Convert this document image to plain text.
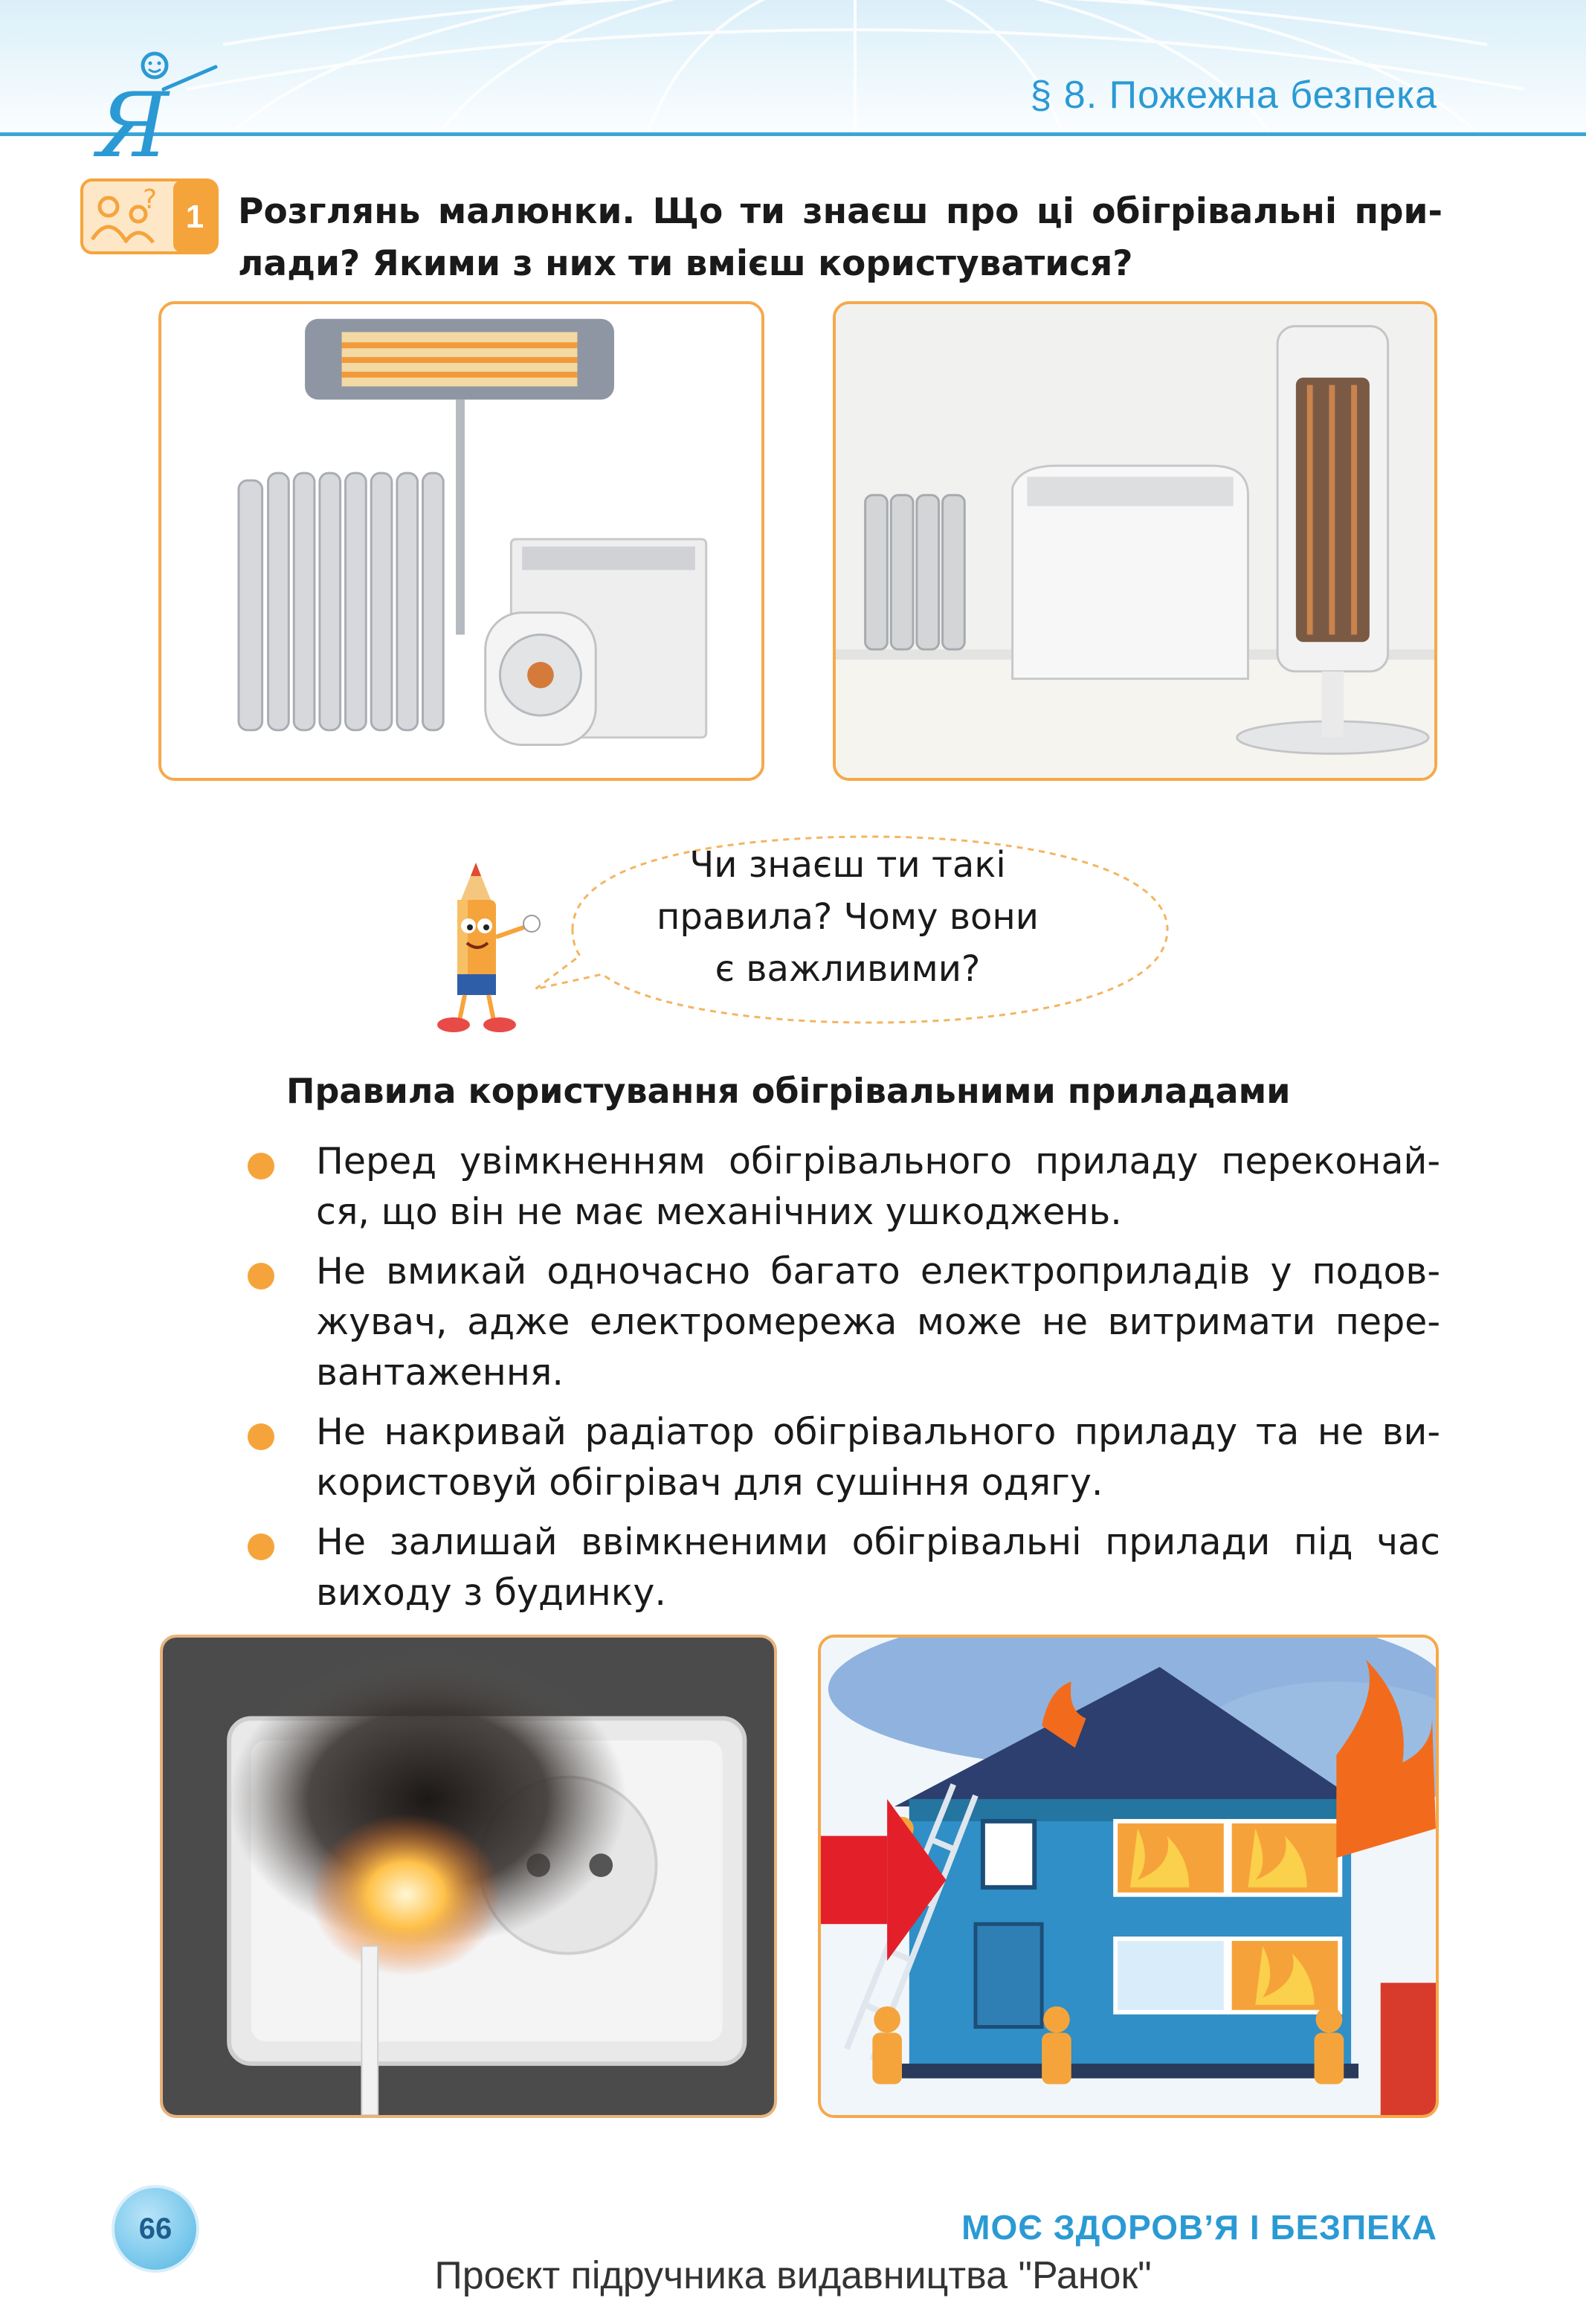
Я	§ 8. Пожежна безпека
? 1 Розглянь малюнки. Що ти знаєш про ці обігрівальні при-
лади? Якими з них ти вмієш користуватися?
Чи знаєш ти такі
правила? Чому вони
є важливими?
Правила користування обігрівальними приладами
Перед увімкненням обігрівального приладу переконай-
ся, що він не має механічних ушкоджень.
Не вмикай одночасно багато електроприладів у подов-
жувач, адже електромережа може не витримати пере-
вантаження.
Не накривай радіатор обігрівального приладу та не ви-
користовуй обігрівач для сушіння одягу.
Не залишай ввімкненими обігрівальні прилади під час
виходу з будинку.
66	МОЄ ЗДОРОВ’Я І БЕЗПЕКА
Проєкт підручника видавництва "Ранок"
